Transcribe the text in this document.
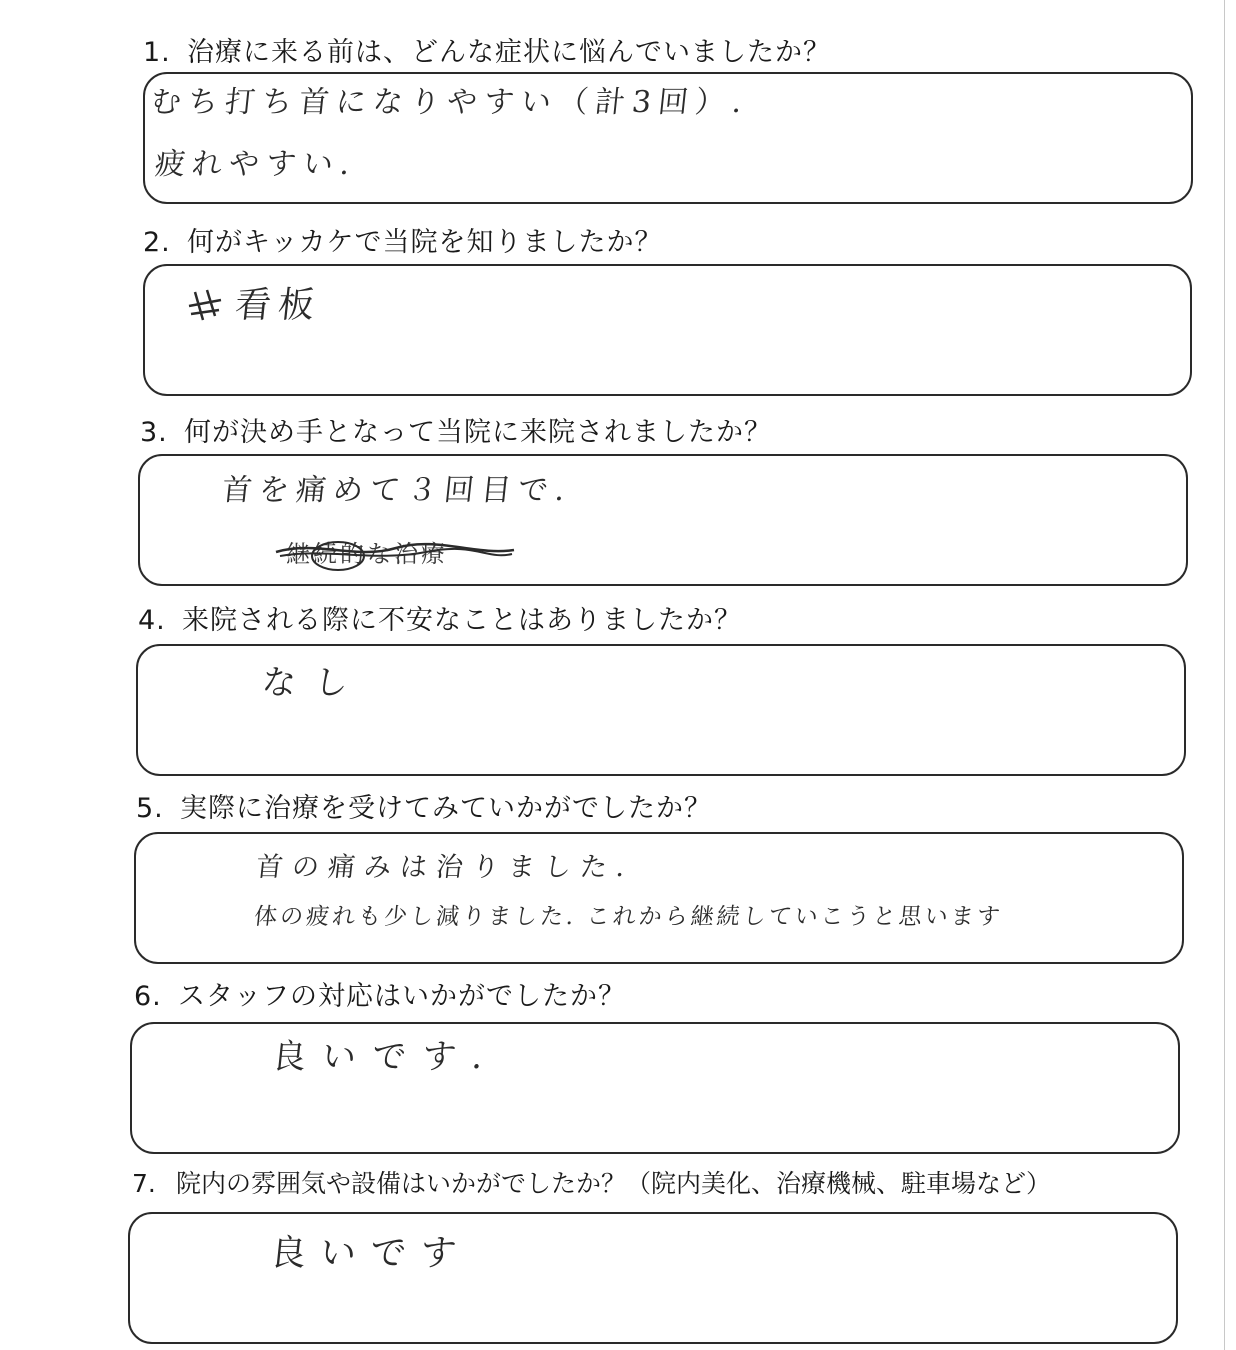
1. 治療に来る前は、どんな症状に悩んでいましたか？
むち打ち首になりやすい（計3回）.
疲れやすい.
2. 何がキッカケで当院を知りましたか？
看板
3. 何が決め手となって当院に来院されましたか？
首を痛めて３回目で.
継続的な治療
4. 来院される際に不安なことはありましたか？
なし
5. 実際に治療を受けてみていかがでしたか？
首の痛みは治りました.
体の疲れも少し減りました. これから継続していこうと思います
6. スタッフの対応はいかがでしたか？
良いです.
7. 院内の雰囲気や設備はいかがでしたか？（院内美化、治療機械、駐車場など）
良いです
